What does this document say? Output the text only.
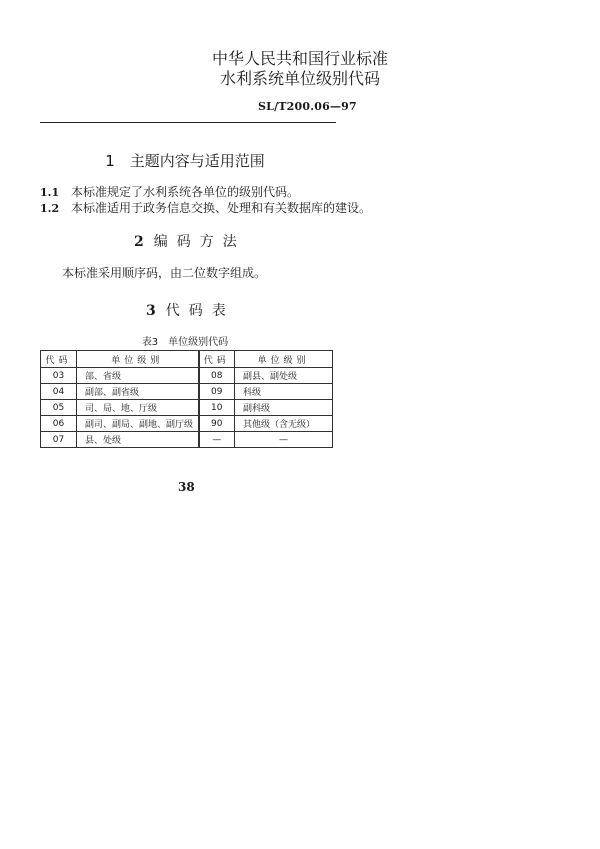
中华人民共和国行业标准
水利系统单位级别代码
SL/T200.06—97
1　主题内容与适用范围
1.1 本标准规定了水利系统各单位的级别代码。
1.2 本标准适用于政务信息交换、处理和有关数据库的建设。
2 编码方法
本标准采用顺序码，由二位数字组成。
3 代码表
表3　单位级别代码
代码	单位级别	代码	单位级别
03	部、省级	08	副县、副处级
04	副部、副省级	09	科级
05	司、局、地、厅级	10	副科级
06	副司、副局、副地、副厅级	90	其他级（含无级）
07	县、处级	—	—
38
